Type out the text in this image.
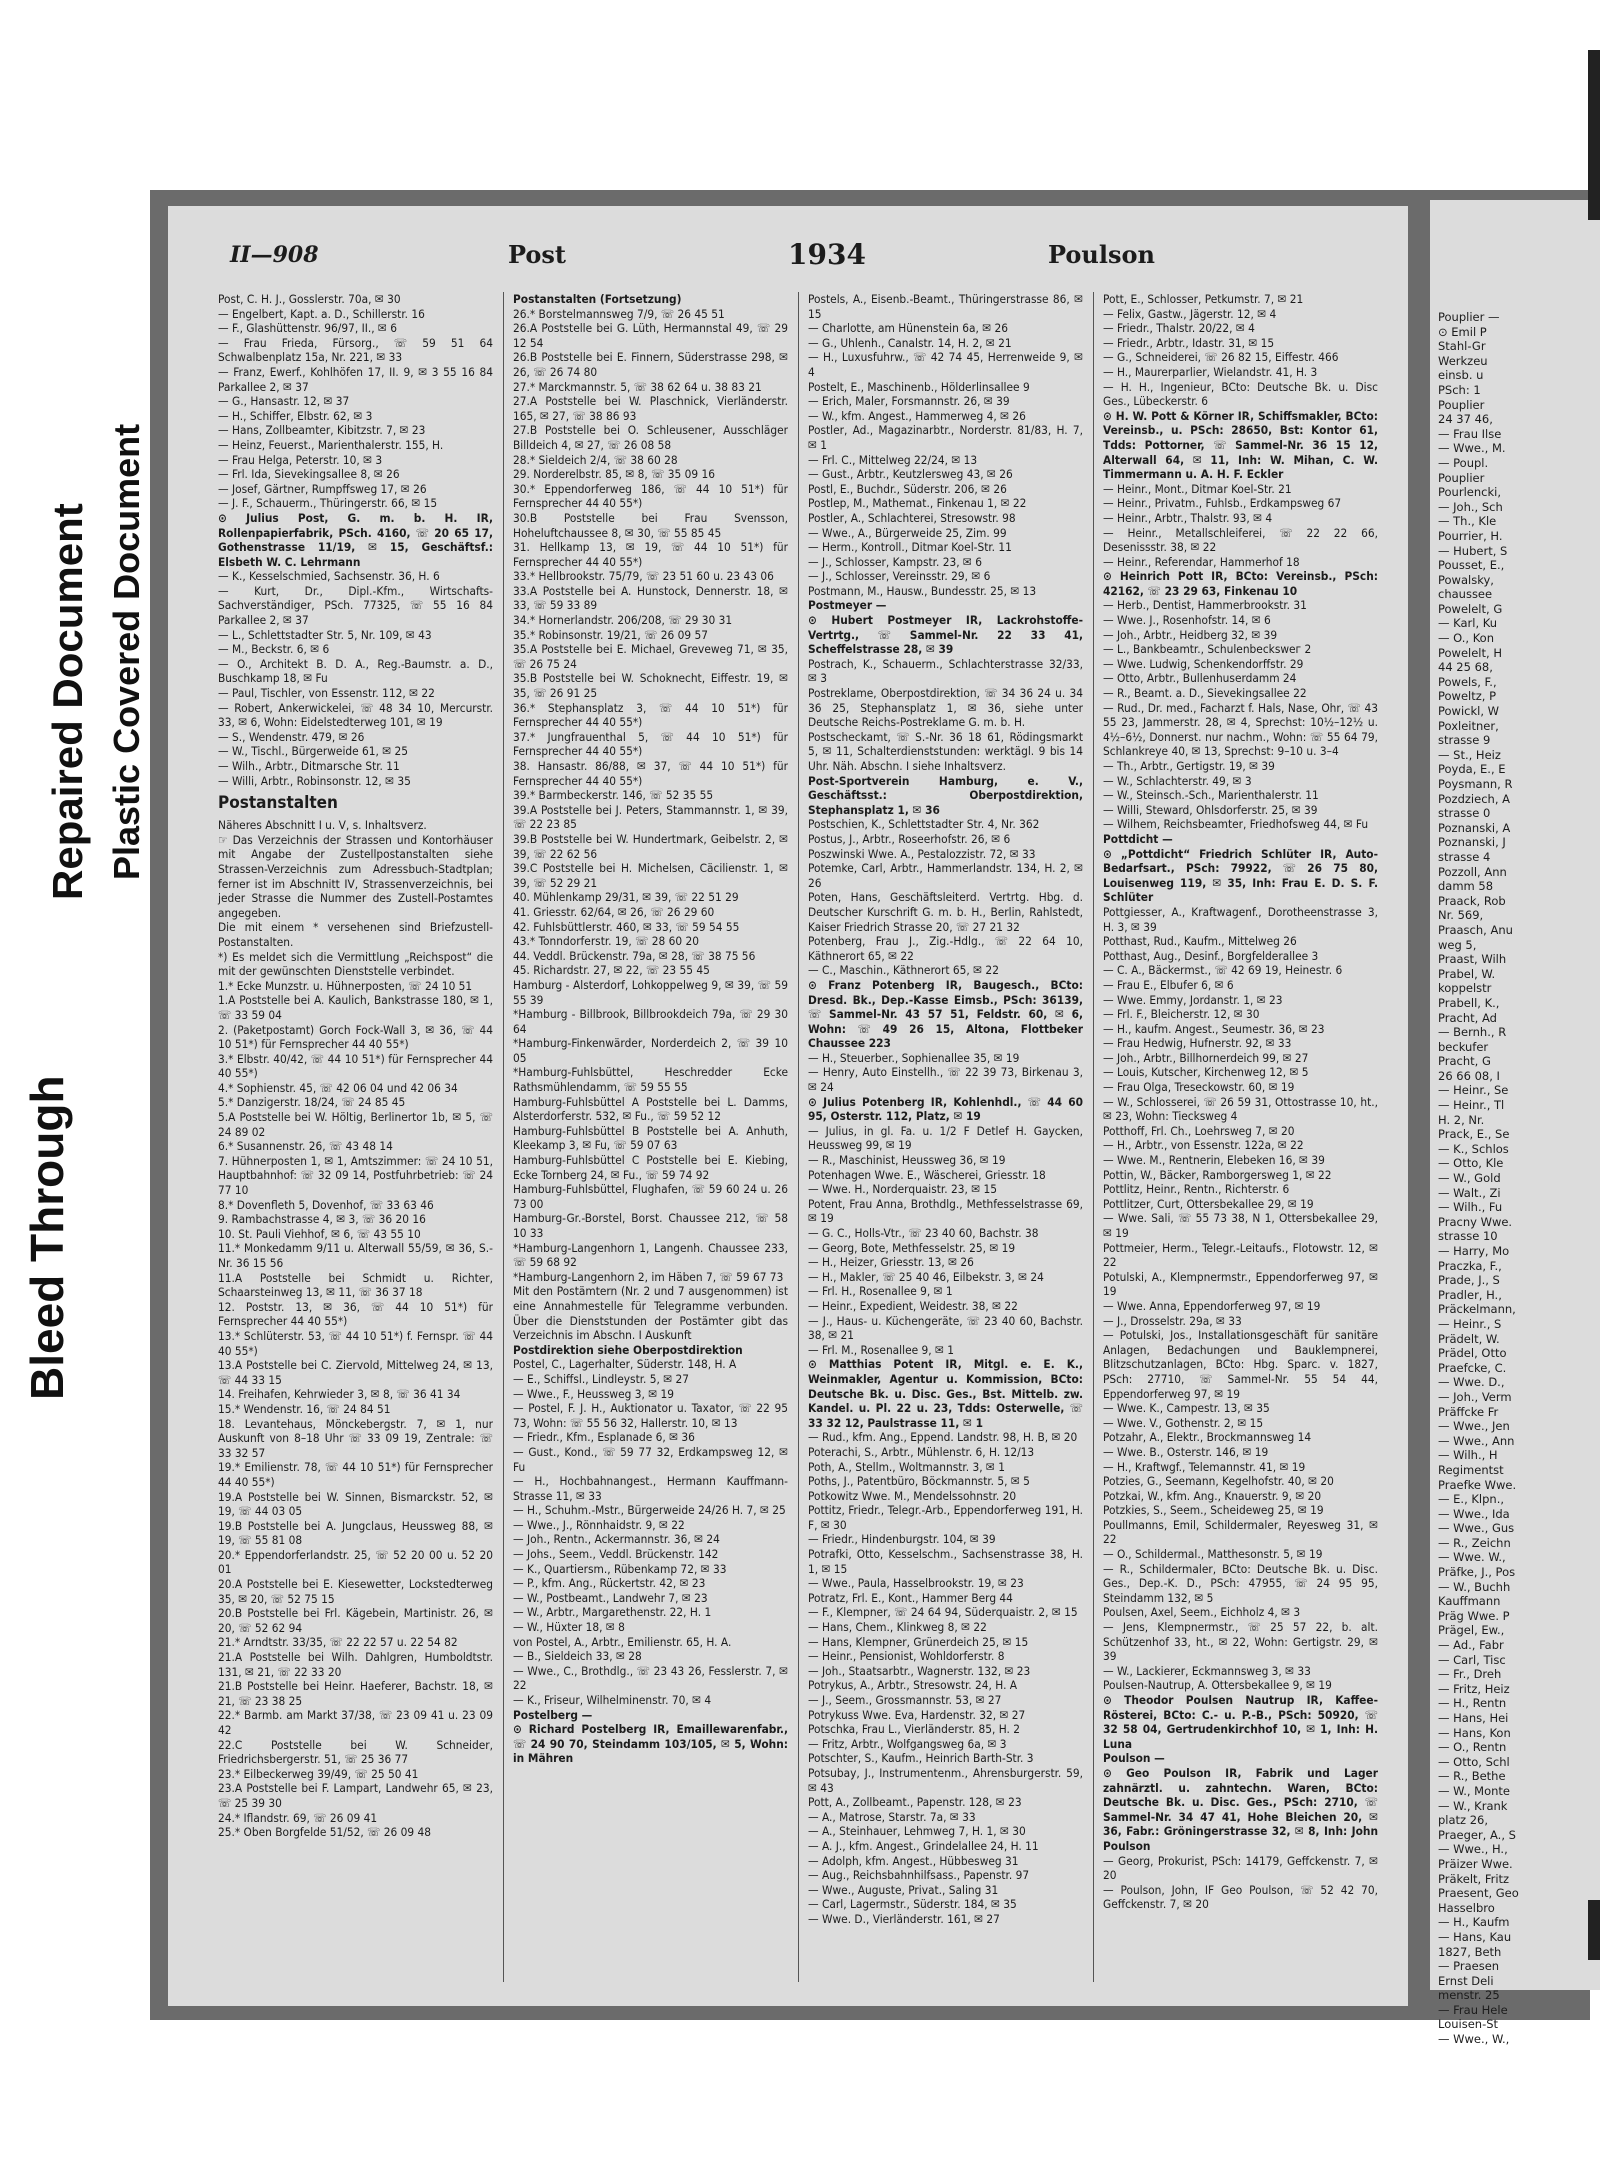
Bleed Through
Repaired Document Plastic Covered Document
II—908	Post	1934	Poulson

Post, C. H. J., Gosslerstr. 70a, ✉ 30

— Engelbert, Kapt. a. D., Schillerstr. 16

— F., Glashüttenstr. 96/97, II., ✉ 6

— Frau Frieda, Fürsorg., ☏ 59 51 64 Schwalbenplatz 15a, Nr. 221, ✉ 33

— Franz, Ewerf., Kohlhöfen 17, II. 9, ✉ 3 55 16 84 Parkallee 2, ✉ 37

— G., Hansastr. 12, ✉ 37

— H., Schiffer, Elbstr. 62, ✉ 3

— Hans, Zollbeamter, Kibitzstr. 7, ✉ 23

— Heinz, Feuerst., Marienthalerstr. 155, H.

— Frau Helga, Peterstr. 10, ✉ 3

— Frl. Ida, Sievekingsallee 8, ✉ 26

— Josef, Gärtner, Rumpffsweg 17, ✉ 26

— J. F., Schauerm., Thüringerstr. 66, ✉ 15

⊙ Julius Post, G. m. b. H. IR, Rollenpapierfabrik, PSch. 4160, ☏ 20 65 17, Gothenstrasse 11/19, ✉ 15, Geschäftsf.: Elsbeth W. C. Lehrmann

— K., Kesselschmied, Sachsenstr. 36, H. 6

— Kurt, Dr., Dipl.-Kfm., Wirtschafts-Sachverständiger, PSch. 77325, ☏ 55 16 84 Parkallee 2, ✉ 37

— L., Schlettstadter Str. 5, Nr. 109, ✉ 43

— M., Beckstr. 6, ✉ 6

— O., Architekt B. D. A., Reg.-Baumstr. a. D., Buschkamp 18, ✉ Fu

— Paul, Tischler, von Essenstr. 112, ✉ 22

— Robert, Ankerwickelei, ☏ 48 34 10, Mercurstr. 33, ✉ 6, Wohn: Eidelstedterweg 101, ✉ 19

— S., Wendenstr. 479, ✉ 26

— W., Tischl., Bürgerweide 61, ✉ 25

— Wilh., Arbtr., Ditmarsche Str. 11

— Willi, Arbtr., Robinsonstr. 12, ✉ 35

Postanstalten

Näheres Abschnitt I u. V, s. Inhaltsverz.

☞ Das Verzeichnis der Strassen und Kontorhäuser mit Angabe der Zustellpostanstalten siehe Strassen-Verzeichnis zum Adressbuch-Stadtplan; ferner ist im Abschnitt IV, Strassenverzeichnis, bei jeder Strasse die Nummer des Zustell-Postamtes angegeben.

Die mit einem * versehenen sind Briefzustell-Postanstalten.

*) Es meldet sich die Vermittlung „Reichspost“ die mit der gewünschten Dienststelle verbindet.

1.* Ecke Munzstr. u. Hühnerposten, ☏ 24 10 51

1.A Poststelle bei A. Kaulich, Bankstrasse 180, ✉ 1, ☏ 33 59 04

2. (Paketpostamt) Gorch Fock-Wall 3, ✉ 36, ☏ 44 10 51*) für Fernsprecher 44 40 55*)

3.* Elbstr. 40/42, ☏ 44 10 51*) für Fernsprecher 44 40 55*)

4.* Sophienstr. 45, ☏ 42 06 04 und 42 06 34

5.* Danzigerstr. 18/24, ☏ 24 85 45

5.A Poststelle bei W. Höltig, Berlinertor 1b, ✉ 5, ☏ 24 89 02

6.* Susannenstr. 26, ☏ 43 48 14

7. Hühnerposten 1, ✉ 1, Amtszimmer: ☏ 24 10 51, Hauptbahnhof: ☏ 32 09 14, Postfuhrbetrieb: ☏ 24 77 10

8.* Dovenfleth 5, Dovenhof, ☏ 33 63 46

9. Rambachstrasse 4, ✉ 3, ☏ 36 20 16

10. St. Pauli Viehhof, ✉ 6, ☏ 43 55 10

11.* Monkedamm 9/11 u. Alterwall 55/59, ✉ 36, S.-Nr. 36 15 56

11.A Poststelle bei Schmidt u. Richter, Schaarsteinweg 13, ✉ 11, ☏ 36 37 18

12. Poststr. 13, ✉ 36, ☏ 44 10 51*) für Fernsprecher 44 40 55*)

13.* Schlüterstr. 53, ☏ 44 10 51*) f. Fernspr. ☏ 44 40 55*)

13.A Poststelle bei C. Ziervold, Mittelweg 24, ✉ 13, ☏ 44 33 15

14. Freihafen, Kehrwieder 3, ✉ 8, ☏ 36 41 34

15.* Wendenstr. 16, ☏ 24 84 51

18. Levantehaus, Mönckebergstr. 7, ✉ 1, nur Auskunft von 8–18 Uhr ☏ 33 09 19, Zentrale: ☏ 33 32 57

19.* Emilienstr. 78, ☏ 44 10 51*) für Fernsprecher 44 40 55*)

19.A Poststelle bei W. Sinnen, Bismarckstr. 52, ✉ 19, ☏ 44 03 05

19.B Poststelle bei A. Jungclaus, Heussweg 88, ✉ 19, ☏ 55 81 08

20.* Eppendorferlandstr. 25, ☏ 52 20 00 u. 52 20 01

20.A Poststelle bei E. Kiesewetter, Lockstedterweg 35, ✉ 20, ☏ 52 75 15

20.B Poststelle bei Frl. Kägebein, Martinistr. 26, ✉ 20, ☏ 52 62 94

21.* Arndtstr. 33/35, ☏ 22 22 57 u. 22 54 82

21.A Poststelle bei Wilh. Dahlgren, Humboldtstr. 131, ✉ 21, ☏ 22 33 20

21.B Poststelle bei Heinr. Haeferer, Bachstr. 18, ✉ 21, ☏ 23 38 25

22.* Barmb. am Markt 37/38, ☏ 23 09 41 u. 23 09 42

22.C Poststelle bei W. Schneider, Friedrichsbergerstr. 51, ☏ 25 36 77

23.* Eilbeckerweg 39/49, ☏ 25 50 41

23.A Poststelle bei F. Lampart, Landwehr 65, ✉ 23, ☏ 25 39 30

24.* Iflandstr. 69, ☏ 26 09 41

25.* Oben Borgfelde 51/52, ☏ 26 09 48

Postanstalten (Fortsetzung)

26.* Borstelmannsweg 7/9, ☏ 26 45 51

26.A Poststelle bei G. Lüth, Hermannstal 49, ☏ 29 12 54

26.B Poststelle bei E. Finnern, Süderstrasse 298, ✉ 26, ☏ 26 74 80

27.* Marckmannstr. 5, ☏ 38 62 64 u. 38 83 21

27.A Poststelle bei W. Plaschnick, Vierländerstr. 165, ✉ 27, ☏ 38 86 93

27.B Poststelle bei O. Schleusener, Ausschläger Billdeich 4, ✉ 27, ☏ 26 08 58

28.* Sieldeich 2/4, ☏ 38 60 28

29. Norderelbstr. 85, ✉ 8, ☏ 35 09 16

30.* Eppendorferweg 186, ☏ 44 10 51*) für Fernsprecher 44 40 55*)

30.B Poststelle bei Frau Svensson, Hoheluftchaussee 8, ✉ 30, ☏ 55 85 45

31. Hellkamp 13, ✉ 19, ☏ 44 10 51*) für Fernsprecher 44 40 55*)

33.* Hellbrookstr. 75/79, ☏ 23 51 60 u. 23 43 06

33.A Poststelle bei A. Hunstock, Dennerstr. 18, ✉ 33, ☏ 59 33 89

34.* Hornerlandstr. 206/208, ☏ 29 30 31

35.* Robinsonstr. 19/21, ☏ 26 09 57

35.A Poststelle bei E. Michael, Greveweg 71, ✉ 35, ☏ 26 75 24

35.B Poststelle bei W. Schoknecht, Eiffestr. 19, ✉ 35, ☏ 26 91 25

36.* Stephansplatz 3, ☏ 44 10 51*) für Fernsprecher 44 40 55*)

37.* Jungfrauenthal 5, ☏ 44 10 51*) für Fernsprecher 44 40 55*)

38. Hansastr. 86/88, ✉ 37, ☏ 44 10 51*) für Fernsprecher 44 40 55*)

39.* Barmbeckerstr. 146, ☏ 52 35 55

39.A Poststelle bei J. Peters, Stammannstr. 1, ✉ 39, ☏ 22 23 85

39.B Poststelle bei W. Hundertmark, Geibelstr. 2, ✉ 39, ☏ 22 62 56

39.C Poststelle bei H. Michelsen, Cäcilienstr. 1, ✉ 39, ☏ 52 29 21

40. Mühlenkamp 29/31, ✉ 39, ☏ 22 51 29

41. Griesstr. 62/64, ✉ 26, ☏ 26 29 60

42. Fuhlsbüttlerstr. 460, ✉ 33, ☏ 59 54 55

43.* Tonndorferstr. 19, ☏ 28 60 20

44. Veddl. Brückenstr. 79a, ✉ 28, ☏ 38 75 56

45. Richardstr. 27, ✉ 22, ☏ 23 55 45

Hamburg - Alsterdorf, Lohkoppelweg 9, ✉ 39, ☏ 59 55 39

*Hamburg - Billbrook, Billbrookdeich 79a, ☏ 29 30 64

*Hamburg-Finkenwärder, Norderdeich 2, ☏ 39 10 05

*Hamburg-Fuhlsbüttel, Heschredder Ecke Rathsmühlendamm, ☏ 59 55 55

Hamburg-Fuhlsbüttel A Poststelle bei L. Damms, Alsterdorferstr. 532, ✉ Fu., ☏ 59 52 12

Hamburg-Fuhlsbüttel B Poststelle bei A. Anhuth, Kleekamp 3, ✉ Fu, ☏ 59 07 63

Hamburg-Fuhlsbüttel C Poststelle bei E. Kiebing, Ecke Tornberg 24, ✉ Fu., ☏ 59 74 92

Hamburg-Fuhlsbüttel, Flughafen, ☏ 59 60 24 u. 26 73 00

Hamburg-Gr.-Borstel, Borst. Chaussee 212, ☏ 58 10 33

*Hamburg-Langenhorn 1, Langenh. Chaussee 233, ☏ 59 68 92

*Hamburg-Langenhorn 2, im Häben 7, ☏ 59 67 73

Mit den Postämtern (Nr. 2 und 7 ausgenommen) ist eine Annahmestelle für Telegramme verbunden. Über die Dienststunden der Postämter gibt das Verzeichnis im Abschn. I Auskunft

Postdirektion siehe Oberpostdirektion

Postel, C., Lagerhalter, Süderstr. 148, H. A

— E., Schiffsl., Lindleystr. 5, ✉ 27

— Wwe., F., Heussweg 3, ✉ 19

— Postel, F. J. H., Auktionator u. Taxator, ☏ 22 95 73, Wohn: ☏ 55 56 32, Hallerstr. 10, ✉ 13

— Friedr., Kfm., Esplanade 6, ✉ 36

— Gust., Kond., ☏ 59 77 32, Erdkampsweg 12, ✉ Fu

— H., Hochbahnangest., Hermann Kauffmann-Strasse 11, ✉ 33

— H., Schuhm.-Mstr., Bürgerweide 24/26 H. 7, ✉ 25

— Wwe., J., Rönnhaidstr. 9, ✉ 22

— Joh., Rentn., Ackermannstr. 36, ✉ 24

— Johs., Seem., Veddl. Brückenstr. 142

— K., Quartiersm., Rübenkamp 72, ✉ 33

— P., kfm. Ang., Rückertstr. 42, ✉ 23

— W., Postbeamt., Landwehr 7, ✉ 23

— W., Arbtr., Margarethenstr. 22, H. 1

— W., Hüxter 18, ✉ 8

von Postel, A., Arbtr., Emilienstr. 65, H. A.

— B., Sieldeich 33, ✉ 28

— Wwe., C., Brothdlg., ☏ 23 43 26, Fesslerstr. 7, ✉ 22

— K., Friseur, Wilhelminenstr. 70, ✉ 4

Postelberg —

⊙ Richard Postelberg IR, Emaillewarenfabr., ☏ 24 90 70, Steindamm 103/105, ✉ 5, Wohn: in Mähren

Postels, A., Eisenb.-Beamt., Thüringerstrasse 86, ✉ 15

— Charlotte, am Hünenstein 6a, ✉ 26

— G., Uhlenh., Canalstr. 14, H. 2, ✉ 21

— H., Luxusfuhrw., ☏ 42 74 45, Herrenweide 9, ✉ 4

Postelt, E., Maschinenb., Hölderlinsallee 9

— Erich, Maler, Forsmannstr. 26, ✉ 39

— W., kfm. Angest., Hammerweg 4, ✉ 26

Postler, Ad., Magazinarbtr., Norderstr. 81/83, H. 7, ✉ 1

— Frl. C., Mittelweg 22/24, ✉ 13

— Gust., Arbtr., Keutzlersweg 43, ✉ 26

Postl, E., Buchdr., Süderstr. 206, ✉ 26

Postlep, M., Mathemat., Finkenau 1, ✉ 22

Postler, A., Schlachterei, Stresowstr. 98

— Wwe., A., Bürgerweide 25, Zim. 99

— Herm., Kontroll., Ditmar Koel-Str. 11

— J., Schlosser, Kampstr. 23, ✉ 6

— J., Schlosser, Vereinsstr. 29, ✉ 6

Postmann, M., Hausw., Bundesstr. 25, ✉ 13

Postmeyer —

⊙ Hubert Postmeyer IR, Lackrohstoffe-Vertrtg., ☏ Sammel-Nr. 22 33 41, Scheffelstrasse 28, ✉ 39

Postrach, K., Schauerm., Schlachterstrasse 32/33, ✉ 3

Postreklame, Oberpostdirektion, ☏ 34 36 24 u. 34 36 25, Stephansplatz 1, ✉ 36, siehe unter Deutsche Reichs-Postreklame G. m. b. H.

Postscheckamt, ☏ S.-Nr. 36 18 61, Rödingsmarkt 5, ✉ 11, Schalterdienststunden: werktägl. 9 bis 14 Uhr. Näh. Abschn. I siehe Inhaltsverz.

Post-Sportverein Hamburg, e. V., Geschäftsst.: Oberpostdirektion, Stephansplatz 1, ✉ 36

Postschien, K., Schlettstadter Str. 4, Nr. 362

Postus, J., Arbtr., Roseerhofstr. 26, ✉ 6

Poszwinski Wwe. A., Pestalozzistr. 72, ✉ 33

Potemke, Carl, Arbtr., Hammerlandstr. 134, H. 2, ✉ 26

Poten, Hans, Geschäftsleiterd. Vertrtg. Hbg. d. Deutscher Kurschrift G. m. b. H., Berlin, Rahlstedt, Kaiser Friedrich Strasse 20, ☏ 27 21 32

Potenberg, Frau J., Zig.-Hdlg., ☏ 22 64 10, Käthnerort 65, ✉ 22

— C., Maschin., Käthnerort 65, ✉ 22

⊙ Franz Potenberg IR, Baugesch., BCto: Dresd. Bk., Dep.-Kasse Eimsb., PSch: 36139, ☏ Sammel-Nr. 43 57 51, Feldstr. 60, ✉ 6, Wohn: ☏ 49 26 15, Altona, Flottbeker Chaussee 223

— H., Steuerber., Sophienallee 35, ✉ 19

— Henry, Auto Einstellh., ☏ 22 39 73, Birkenau 3, ✉ 24

⊙ Julius Potenberg IR, Kohlenhdl., ☏ 44 60 95, Osterstr. 112, Platz, ✉ 19

— Julius, in gl. Fa. u. 1/2 F Detlef H. Gaycken, Heussweg 99, ✉ 19

— R., Maschinist, Heussweg 36, ✉ 19

Potenhagen Wwe. E., Wäscherei, Griesstr. 18

— Wwe. H., Norderquaistr. 23, ✉ 15

Potent, Frau Anna, Brothdlg., Methfesselstrasse 69, ✉ 19

— G. C., Holls-Vtr., ☏ 23 40 60, Bachstr. 38

— Georg, Bote, Methfesselstr. 25, ✉ 19

— H., Heizer, Griesstr. 13, ✉ 26

— H., Makler, ☏ 25 40 46, Eilbekstr. 3, ✉ 24

— Frl. H., Rosenallee 9, ✉ 1

— Heinr., Expedient, Weidestr. 38, ✉ 22

— J., Haus- u. Küchengeräte, ☏ 23 40 60, Bachstr. 38, ✉ 21

— Frl. M., Rosenallee 9, ✉ 1

⊙ Matthias Potent IR, Mitgl. e. E. K., Weinmakler, Agentur u. Kommission, BCto: Deutsche Bk. u. Disc. Ges., Bst. Mittelb. zw. Kandel. u. Pl. 22 u. 23, Tdds: Osterwelle, ☏ 33 32 12, Paulstrasse 11, ✉ 1

— Rud., kfm. Ang., Eppend. Landstr. 98, H. B, ✉ 20

Poterachi, S., Arbtr., Mühlenstr. 6, H. 12/13

Poth, A., Stellm., Woltmannstr. 3, ✉ 1

Poths, J., Patentbüro, Böckmannstr. 5, ✉ 5

Potkowitz Wwe. M., Mendelssohnstr. 20

Pottitz, Friedr., Telegr.-Arb., Eppendorferweg 191, H. F, ✉ 30

— Friedr., Hindenburgstr. 104, ✉ 39

Potrafki, Otto, Kesselschm., Sachsenstrasse 38, H. 1, ✉ 15

— Wwe., Paula, Hasselbrookstr. 19, ✉ 23

Potratz, Frl. E., Kont., Hammer Berg 44

— F., Klempner, ☏ 24 64 94, Süderquaistr. 2, ✉ 15

— Hans, Chem., Klinkweg 8, ✉ 22

— Hans, Klempner, Grünerdeich 25, ✉ 15

— Heinr., Pensionist, Wohldorferstr. 8

— Joh., Staatsarbtr., Wagnerstr. 132, ✉ 23

Potrykus, A., Arbtr., Stresowstr. 24, H. A

— J., Seem., Grossmannstr. 53, ✉ 27

Potrykuss Wwe. Eva, Hardenstr. 32, ✉ 27

Potschka, Frau L., Vierländerstr. 85, H. 2

— Fritz, Arbtr., Wolfgangsweg 6a, ✉ 3

Potschter, S., Kaufm., Heinrich Barth-Str. 3

Potsubay, J., Instrumentenm., Ahrensburgerstr. 59, ✉ 43

Pott, A., Zollbeamt., Papenstr. 128, ✉ 23

— A., Matrose, Starstr. 7a, ✉ 33

— A., Steinhauer, Lehmweg 7, H. 1, ✉ 30

— A. J., kfm. Angest., Grindelallee 24, H. 11

— Adolph, kfm. Angest., Hübbesweg 31

— Aug., Reichsbahnhilfsass., Papenstr. 97

— Wwe., Auguste, Privat., Saling 31

— Carl, Lagermstr., Süderstr. 184, ✉ 35

— Wwe. D., Vierländerstr. 161, ✉ 27

Pott, E., Schlosser, Petkumstr. 7, ✉ 21

— Felix, Gastw., Jägerstr. 12, ✉ 4

— Friedr., Thalstr. 20/22, ✉ 4

— Friedr., Arbtr., Idastr. 31, ✉ 15

— G., Schneiderei, ☏ 26 82 15, Eiffestr. 466

— H., Maurerparlier, Wielandstr. 41, H. 3

— H. H., Ingenieur, BCto: Deutsche Bk. u. Disc Ges., Lübeckerstr. 6

⊙ H. W. Pott & Körner IR, Schiffsmakler, BCto: Vereinsb., u. PSch: 28650, Bst: Kontor 61, Tdds: Pottorner, ☏ Sammel-Nr. 36 15 12, Alterwall 64, ✉ 11, Inh: W. Mihan, C. W. Timmermann u. A. H. F. Eckler

— Heinr., Mont., Ditmar Koel-Str. 21

— Heinr., Privatm., Fuhlsb., Erdkampsweg 67

— Heinr., Arbtr., Thalstr. 93, ✉ 4

— Heinr., Metallschleiferei, ☏ 22 22 66, Desenissstr. 38, ✉ 22

— Heinr., Referendar, Hammerhof 18

⊙ Heinrich Pott IR, BCto: Vereinsb., PSch: 42162, ☏ 23 29 63, Finkenau 10

— Herb., Dentist, Hammerbrookstr. 31

— Wwe. J., Rosenhofstr. 14, ✉ 6

— Joh., Arbtr., Heidberg 32, ✉ 39

— L., Bankbeamtr., Schulenbeckswег 2

— Wwe. Ludwig, Schenkendorffstr. 29

— Otto, Arbtr., Bullenhuserdamm 24

— R., Beamt. a. D., Sievekingsallee 22

— Rud., Dr. med., Facharzt f. Hals, Nase, Ohr, ☏ 43 55 23, Jammerstr. 28, ✉ 4, Sprechst: 10½–12½ u. 4½–6½, Donnerst. nur nachm., Wohn: ☏ 55 64 79, Schlankreye 40, ✉ 13, Sprechst: 9–10 u. 3–4

— Th., Arbtr., Gertigstr. 19, ✉ 39

— W., Schlachterstr. 49, ✉ 3

— W., Steinsch.-Sch., Marienthalerstr. 11

— Willi, Steward, Ohlsdorferstr. 25, ✉ 39

— Wilhem, Reichsbeamter, Friedhofsweg 44, ✉ Fu

Pottdicht —

⊙ „Pottdicht“ Friedrich Schlüter IR, Auto-Bedarfsart., PSch: 79922, ☏ 26 75 80, Louisenweg 119, ✉ 35, Inh: Frau E. D. S. F. Schlüter

Pottgiesser, A., Kraftwagenf., Dorotheenstrasse 3, H. 3, ✉ 39

Potthast, Rud., Kaufm., Mittelweg 26

Potthast, Aug., Desinf., Borgfelderallee 3

— C. A., Bäckermst., ☏ 42 69 19, Heinestr. 6

— Frau E., Elbufer 6, ✉ 6

— Wwe. Emmy, Jordanstr. 1, ✉ 23

— Frl. F., Bleicherstr. 12, ✉ 30

— H., kaufm. Angest., Seumestr. 36, ✉ 23

— Frau Hedwig, Hufnerstr. 92, ✉ 33

— Joh., Arbtr., Billhornerdeich 99, ✉ 27

— Louis, Kutscher, Kirchenweg 12, ✉ 5

— Frau Olga, Treseckowstr. 60, ✉ 19

— W., Schlosserei, ☏ 26 59 31, Ottostrasse 10, ht., ✉ 23, Wohn: Tiecksweg 4

Potthoff, Frl. Ch., Loehrsweg 7, ✉ 20

— H., Arbtr., von Essenstr. 122a, ✉ 22

— Wwe. M., Rentnerin, Elebeken 16, ✉ 39

Pottin, W., Bäcker, Ramborgersweg 1, ✉ 22

Pottlitz, Heinr., Rentn., Richterstr. 6

Pottlitzer, Curt, Ottersbekallee 29, ✉ 19

— Wwe. Sali, ☏ 55 73 38, N 1, Ottersbekallee 29, ✉ 19

Pottmeier, Herm., Telegr.-Leitaufs., Flotowstr. 12, ✉ 22

Potulski, A., Klempnermstr., Eppendorferweg 97, ✉ 19

— Wwe. Anna, Eppendorferweg 97, ✉ 19

— J., Drosselstr. 29a, ✉ 33

— Potulski, Jos., Installationsgeschäft für sanitäre Anlagen, Bedachungen und Bauklempnerei, Blitzschutzanlagen, BCto: Hbg. Sparc. v. 1827, PSch: 27710, ☏ Sammel-Nr. 55 54 44, Eppendorferweg 97, ✉ 19

— Wwe. K., Campestr. 13, ✉ 35

— Wwe. V., Gothenstr. 2, ✉ 15

Potzahr, A., Elektr., Brockmannsweg 14

— Wwe. B., Osterstr. 146, ✉ 19

— H., Kraftwgf., Telemannstr. 41, ✉ 19

Potzies, G., Seemann, Kegelhofstr. 40, ✉ 20

Potzkai, W., kfm. Ang., Knauerstr. 9, ✉ 20

Potzkies, S., Seem., Scheideweg 25, ✉ 19

Poullmanns, Emil, Schildermaler, Reyesweg 31, ✉ 22

— O., Schildermal., Matthesonstr. 5, ✉ 19

— R., Schildermaler, BCto: Deutsche Bk. u. Disc. Ges., Dep.-K. D., PSch: 47955, ☏ 24 95 95, Steindamm 132, ✉ 5

Poulsen, Axel, Seem., Eichholz 4, ✉ 3

— Jens, Klempnermstr., ☏ 25 57 22, b. alt. Schützenhof 33, ht., ✉ 22, Wohn: Gertigstr. 29, ✉ 39

— W., Lackierer, Eckmannsweg 3, ✉ 33

Poulsen-Nautrup, A. Ottersbekallee 9, ✉ 19

⊙ Theodor Poulsen Nautrup IR, Kaffee-Rösterei, BCto: C.- u. P.-B., PSch: 50920, ☏ 32 58 04, Gertrudenkirchhof 10, ✉ 1, Inh: H. Luna

Poulson —

⊙ Geo Poulson IR, Fabrik und Lager zahnärztl. u. zahntechn. Waren, BCto: Deutsche Bk. u. Disc. Ges., PSch: 2710, ☏ Sammel-Nr. 34 47 41, Hohe Bleichen 20, ✉ 36, Fabr.: Gröningerstrasse 32, ✉ 8, Inh: John Poulson

— Georg, Prokurist, PSch: 14179, Geffckenstr. 7, ✉ 20

— Poulson, John, IF Geo Poulson, ☏ 52 42 70, Geffckenstr. 7, ✉ 20

Pouplier —
⊙ Emil P
Stahl-Gr
Werkzeu
einsb. u
PSch: 1
Pouplier
24 37 46,
— Frau Ilse
— Wwe., M.
— Poupl.
Pouplier
Pourlencki,
— Joh., Sch
— Th., Kle
Pourrier, H.
— Hubert, S
Pousset, E.,
Powalsky,
chaussee
Powelelt, G
— Karl, Ku
— O., Kon
Powelelt, H
44 25 68,
Powels, F.,
Poweltz, P
Powickl, W
Poxleitner,
strasse 9
— St., Heiz
Poyda, E., E
Poysmann, R
Pozdziech, A
strasse 0
Poznanski, A
Poznanski, J
strasse 4
Pozzoll, Ann
damm 58
Praack, Rob
Nr. 569,
Praasch, Anu
weg 5,
Praast, Wilh
Prabel, W.
koppelstr
Prabell, K.,
Pracht, Ad
— Bernh., R
beckufer
Pracht, G
26 66 08, I
— Heinr., Se
— Heinr., Tl
H. 2, Nr.
Prack, E., Se
— K., Schlos
— Otto, Kle
— W., Gold
— Walt., Zi
— Wilh., Fu
Pracny Wwe.
strasse 10
— Harry, Mo
Praczka, F.,
Prade, J., S
Pradler, H.,
Präckelmann,
— Heinr., S
Prädelt, W.
Prädel, Otto
Praefcke, C.
— Wwe. D.,
— Joh., Verm
Präffcke Fr
— Wwe., Jen
— Wwe., Ann
— Wilh., H
Regimentst
Praefke Wwe.
— E., Klpn.,
— Wwe., Ida
— Wwe., Gus
— R., Zeichn
— Wwe. W.,
Präfke, J., Pos
— W., Buchh
Kauffmann
Präg Wwe. P
Prägel, Ew.,
— Ad., Fabr
— Carl, Tisc
— Fr., Dreh
— Fritz, Heiz
— H., Rentn
— Hans, Hei
— Hans, Kon
— O., Rentn
— Otto, Schl
— R., Bethe
— W., Monte
— W., Krank
platz 26,
Praeger, A., S
— Wwe., H.,
Präizer Wwe.
Präkelt, Fritz
Praesent, Geo
Hasselbro
— H., Kaufm
— Hans, Kau
1827, Beth
— Praesen
Ernst Deli
menstr. 25
— Frau Hele
Louisen-St
— Wwe., W.,
